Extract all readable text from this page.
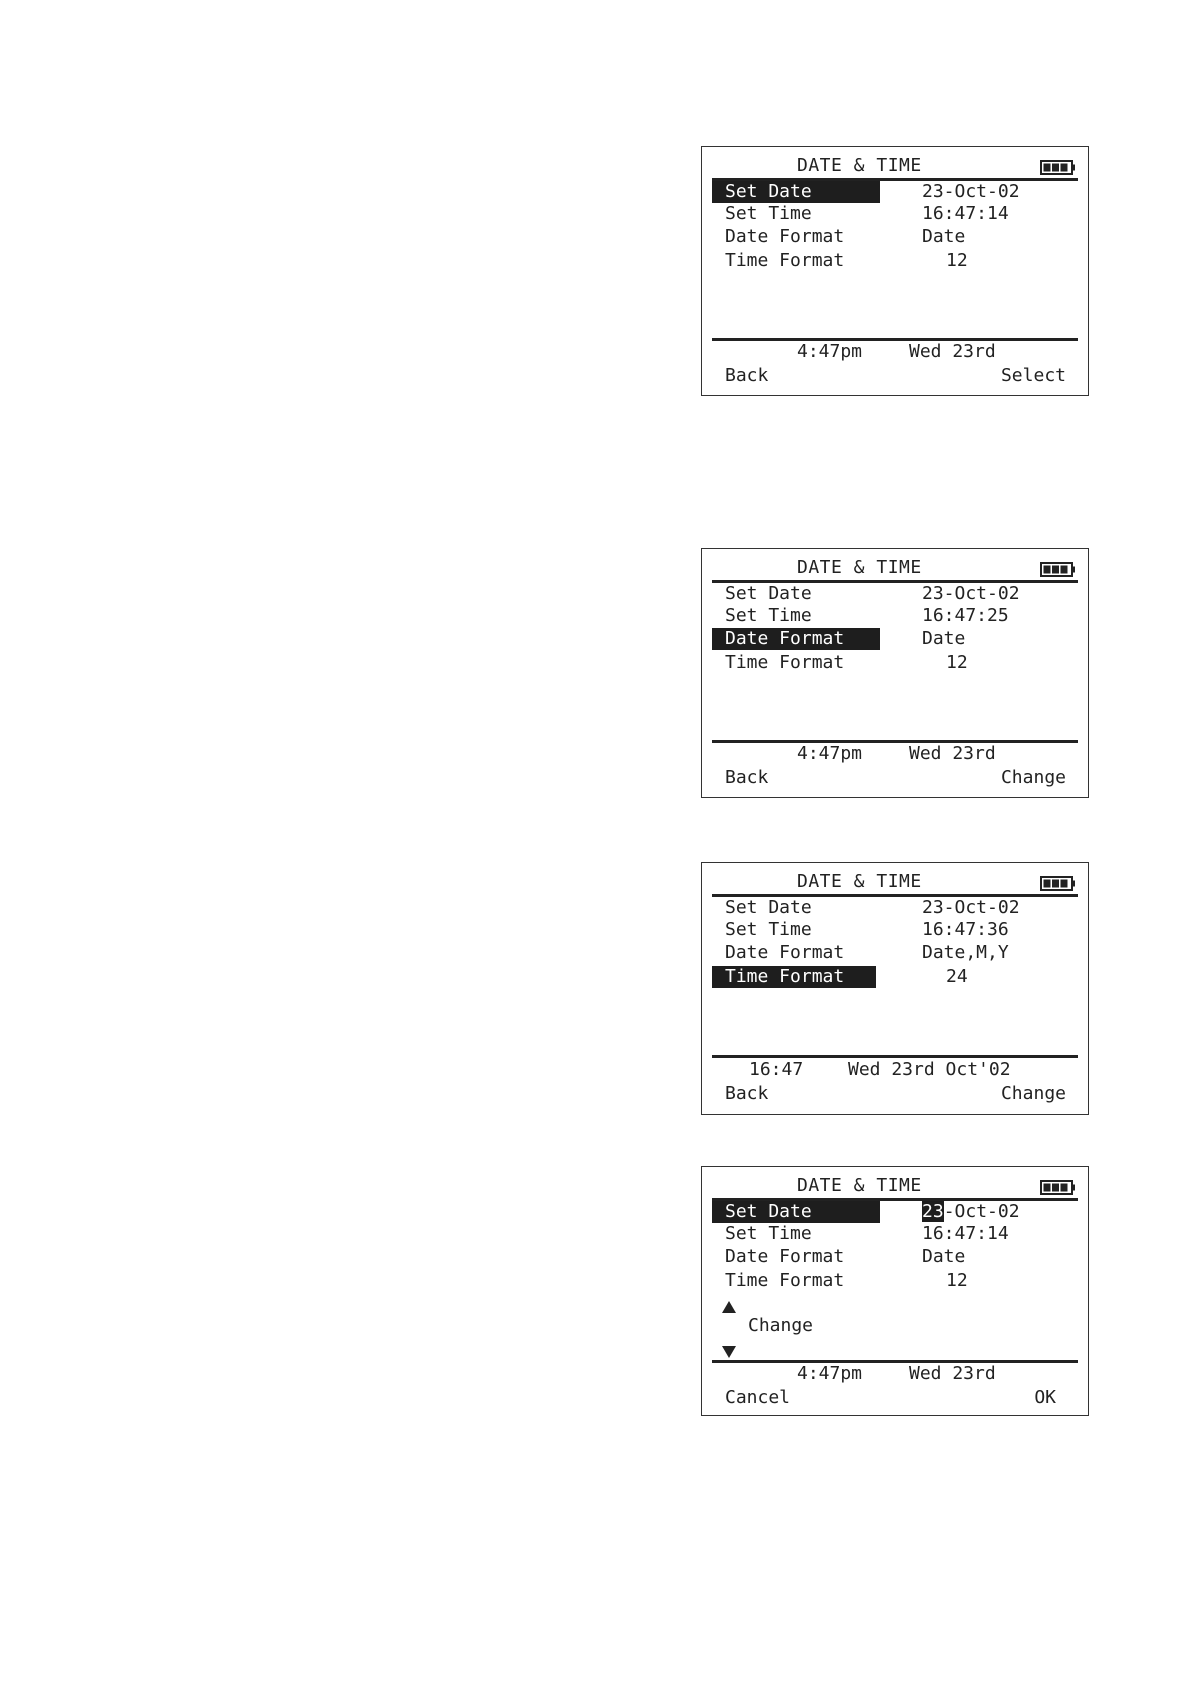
DATE & TIME
Set Date	23-Oct-02
Set Time	16:47:14
Date Format	Date
Time Format	12
4:47pm	Wed 23rd
Back	Select
DATE & TIME
Set Date	23-Oct-02
Set Time	16:47:25
Date Format	Date
Time Format	12
4:47pm	Wed 23rd
Back	Change
DATE & TIME
Set Date	23-Oct-02
Set Time	16:47:36
Date Format	Date,M,Y
Time Format	24
16:47 Wed 23rd Oct'02
Back	Change
DATE & TIME
Set Date	23-Oct-02
Set Time	16:47:14
Date Format	Date
Time Format	12
Change
4:47pm	Wed 23rd
Cancel	OK
